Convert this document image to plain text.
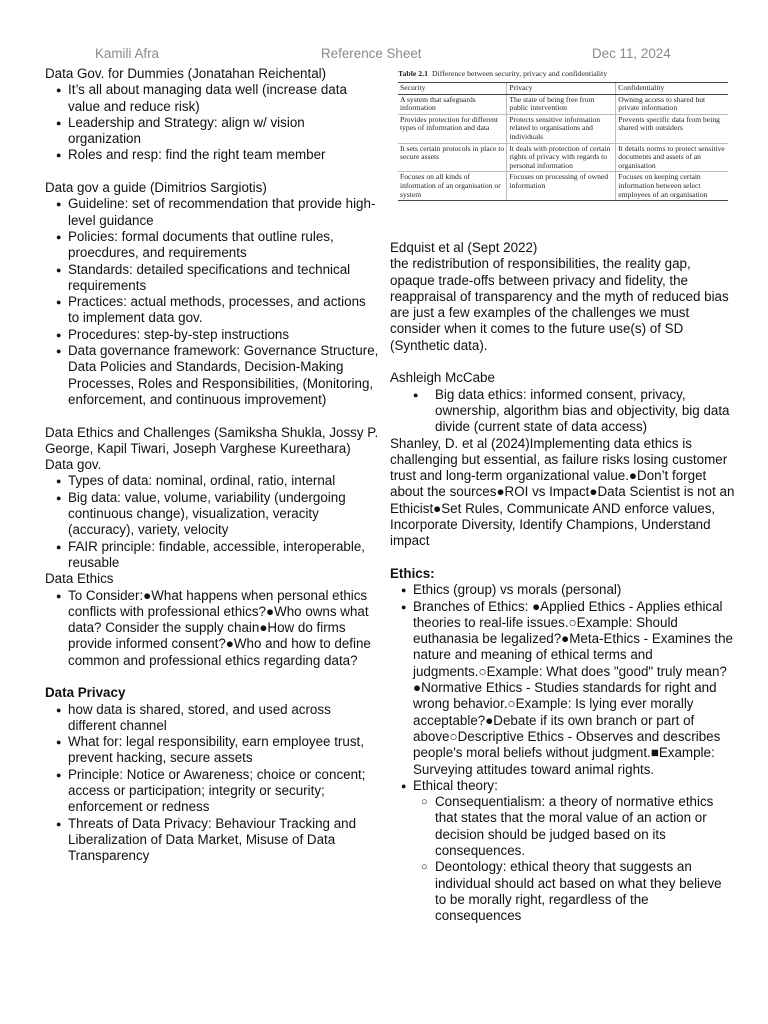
Kamili Afra	Reference Sheet	Dec 11, 2024

Data Gov. for Dummies (Jonatahan Reichental)

● It’s all about managing data well (increase data value and reduce risk)
● Leadership and Strategy: align w/ vision organization
● Roles and resp: find the right team member

Data gov a guide (Dimitrios Sargiotis)

● Guideline: set of recommendation that provide high-level guidance
● Policies: formal documents that outline rules, proecdures, and requirements
● Standards: detailed specifications and technical requirements
● Practices: actual methods, processes, and actions to implement data gov.
● Procedures: step-by-step instructions
● Data governance framework: Governance Structure, Data Policies and Standards, Decision-Making Processes, Roles and Responsibilities, (Monitoring, enforcement, and continuous improvement)

Data Ethics and Challenges (Samiksha Shukla, Jossy P. George, Kapil Tiwari, Joseph Varghese Kureethara)

Data gov.

● Types of data: nominal, ordinal, ratio, internal
● Big data: value, volume, variability (undergoing continuous change), visualization, veracity (accuracy), variety, velocity
● FAIR principle: findable, accessible, interoperable, reusable

Data Ethics

● To Consider:●What happens when personal ethics conflicts with professional ethics?●Who owns what data? Consider the supply chain●How do firms provide informed consent?●Who and how to define common and professional ethics regarding data?

Data Privacy

● how data is shared, stored, and used across different channel
● What for: legal responsibility, earn employee trust, prevent hacking, secure assets
● Principle: Notice or Awareness; choice or concent; access or participation; integrity or security; enforcement or redness
● Threats of Data Privacy: Behaviour Tracking and Liberalization of Data Market, Misuse of Data Transparency
Table 2.1 Difference between security, privacy and confidentiality
Security	Privacy	Confidentiality
A system that safeguards information	The state of being free from public intervention	Owning access to shared but private information
Provides protection for different types of information and data	Protects sensitive information related to organisations and individuals	Prevents specific data from being shared with outsiders
It sets certain protocols in place to secure assets	It deals with protection of certain rights of privacy with regards to personal information	It details norms to protect sensitive documents and assets of an organisation
Focuses on all kinds of information of an organisation or system	Focuses on processing of owned information	Focuses on keeping certain information between select employees of an organisation

Edquist et al (Sept 2022)

the redistribution of responsibilities, the reality gap, opaque trade-offs between privacy and fidelity, the reappraisal of transparency and the myth of reduced bias are just a few examples of the challenges we must consider when it comes to the future use(s) of SD (Synthetic data).

Ashleigh McCabe

● Big data ethics: informed consent, privacy, ownership, algorithm bias and objectivity, big data divide (current state of data access)

Shanley, D. et al (2024)Implementing data ethics is challenging but essential, as failure risks losing customer trust and long-term organizational value.●Don’t forget about the sources●ROI vs Impact●Data Scientist is not an Ethicist●Set Rules, Communicate AND enforce values, Incorporate Diversity, Identify Champions, Understand impact

Ethics:

● Ethics (group) vs morals (personal)
● Branches of Ethics: ●Applied Ethics - Applies ethical theories to real-life issues.○Example: Should euthanasia be legalized?●Meta-Ethics - Examines the nature and meaning of ethical terms and judgments.○Example: What does "good" truly mean?●Normative Ethics - Studies standards for right and wrong behavior.○Example: Is lying ever morally acceptable?●Debate if its own branch or part of above○Descriptive Ethics - Observes and describes people's moral beliefs without judgment.■Example: Surveying attitudes toward animal rights.
● Ethical theory:
○ Consequentialism: a theory of normative ethics that states that the moral value of an action or decision should be judged based on its consequences.
○ Deontology: ethical theory that suggests an individual should act based on what they believe to be morally right, regardless of the consequences
